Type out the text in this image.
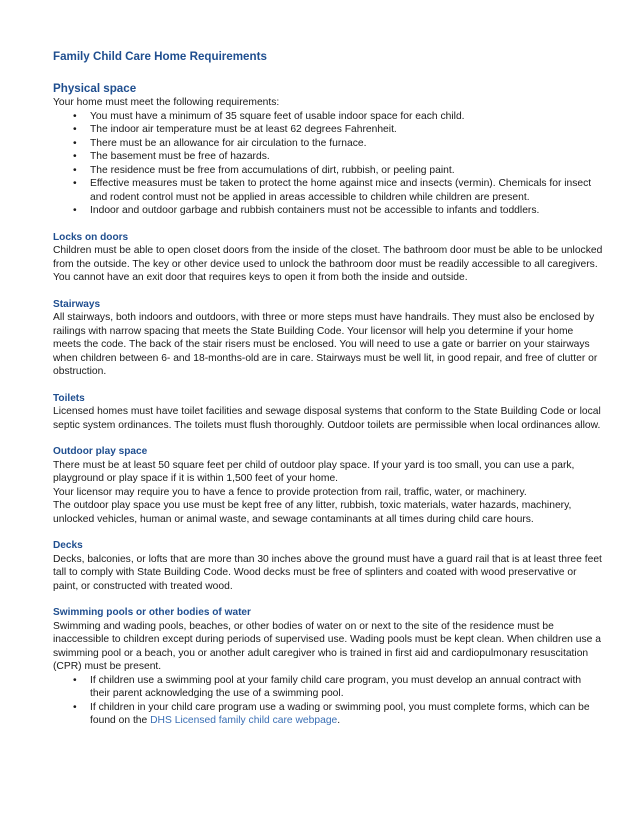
Family Child Care Home Requirements
Physical space

Your home must meet the following requirements:

• You must have a minimum of 35 square feet of usable indoor space for each child.
• The indoor air temperature must be at least 62 degrees Fahrenheit.
• There must be an allowance for air circulation to the furnace.
• The basement must be free of hazards.
• The residence must be free from accumulations of dirt, rubbish, or peeling paint.
• Effective measures must be taken to protect the home against mice and insects (vermin). Chemicals for insect and rodent control must not be applied in areas accessible to children while children are present.
• Indoor and outdoor garbage and rubbish containers must not be accessible to infants and toddlers.
Locks on doors

Children must be able to open closet doors from the inside of the closet. The bathroom door must be able to be unlocked from the outside. The key or other device used to unlock the bathroom door must be readily accessible to all caregivers. You cannot have an exit door that requires keys to open it from both the inside and outside.

Stairways

All stairways, both indoors and outdoors, with three or more steps must have handrails. They must also be enclosed by railings with narrow spacing that meets the State Building Code. Your licensor will help you determine if your home meets the code. The back of the stair risers must be enclosed. You will need to use a gate or barrier on your stairways when children between 6- and 18-months-old are in care. Stairways must be well lit, in good repair, and free of clutter or obstruction.

Toilets

Licensed homes must have toilet facilities and sewage disposal systems that conform to the State Building Code or local septic system ordinances. The toilets must flush thoroughly. Outdoor toilets are permissible when local ordinances allow.

Outdoor play space

There must be at least 50 square feet per child of outdoor play space. If your yard is too small, you can use a park, playground or play space if it is within 1,500 feet of your home.

Your licensor may require you to have a fence to provide protection from rail, traffic, water, or machinery.

The outdoor play space you use must be kept free of any litter, rubbish, toxic materials, water hazards, machinery, unlocked vehicles, human or animal waste, and sewage contaminants at all times during child care hours.

Decks

Decks, balconies, or lofts that are more than 30 inches above the ground must have a guard rail that is at least three feet tall to comply with State Building Code. Wood decks must be free of splinters and coated with wood preservative or paint, or constructed with treated wood.

Swimming pools or other bodies of water

Swimming and wading pools, beaches, or other bodies of water on or next to the site of the residence must be inaccessible to children except during periods of supervised use. Wading pools must be kept clean. When children use a swimming pool or a beach, you or another adult caregiver who is trained in first aid and cardiopulmonary resuscitation (CPR) must be present.

• If children use a swimming pool at your family child care program, you must develop an annual contract with their parent acknowledging the use of a swimming pool.
• If children in your child care program use a wading or swimming pool, you must complete forms, which can be found on the DHS Licensed family child care webpage.
